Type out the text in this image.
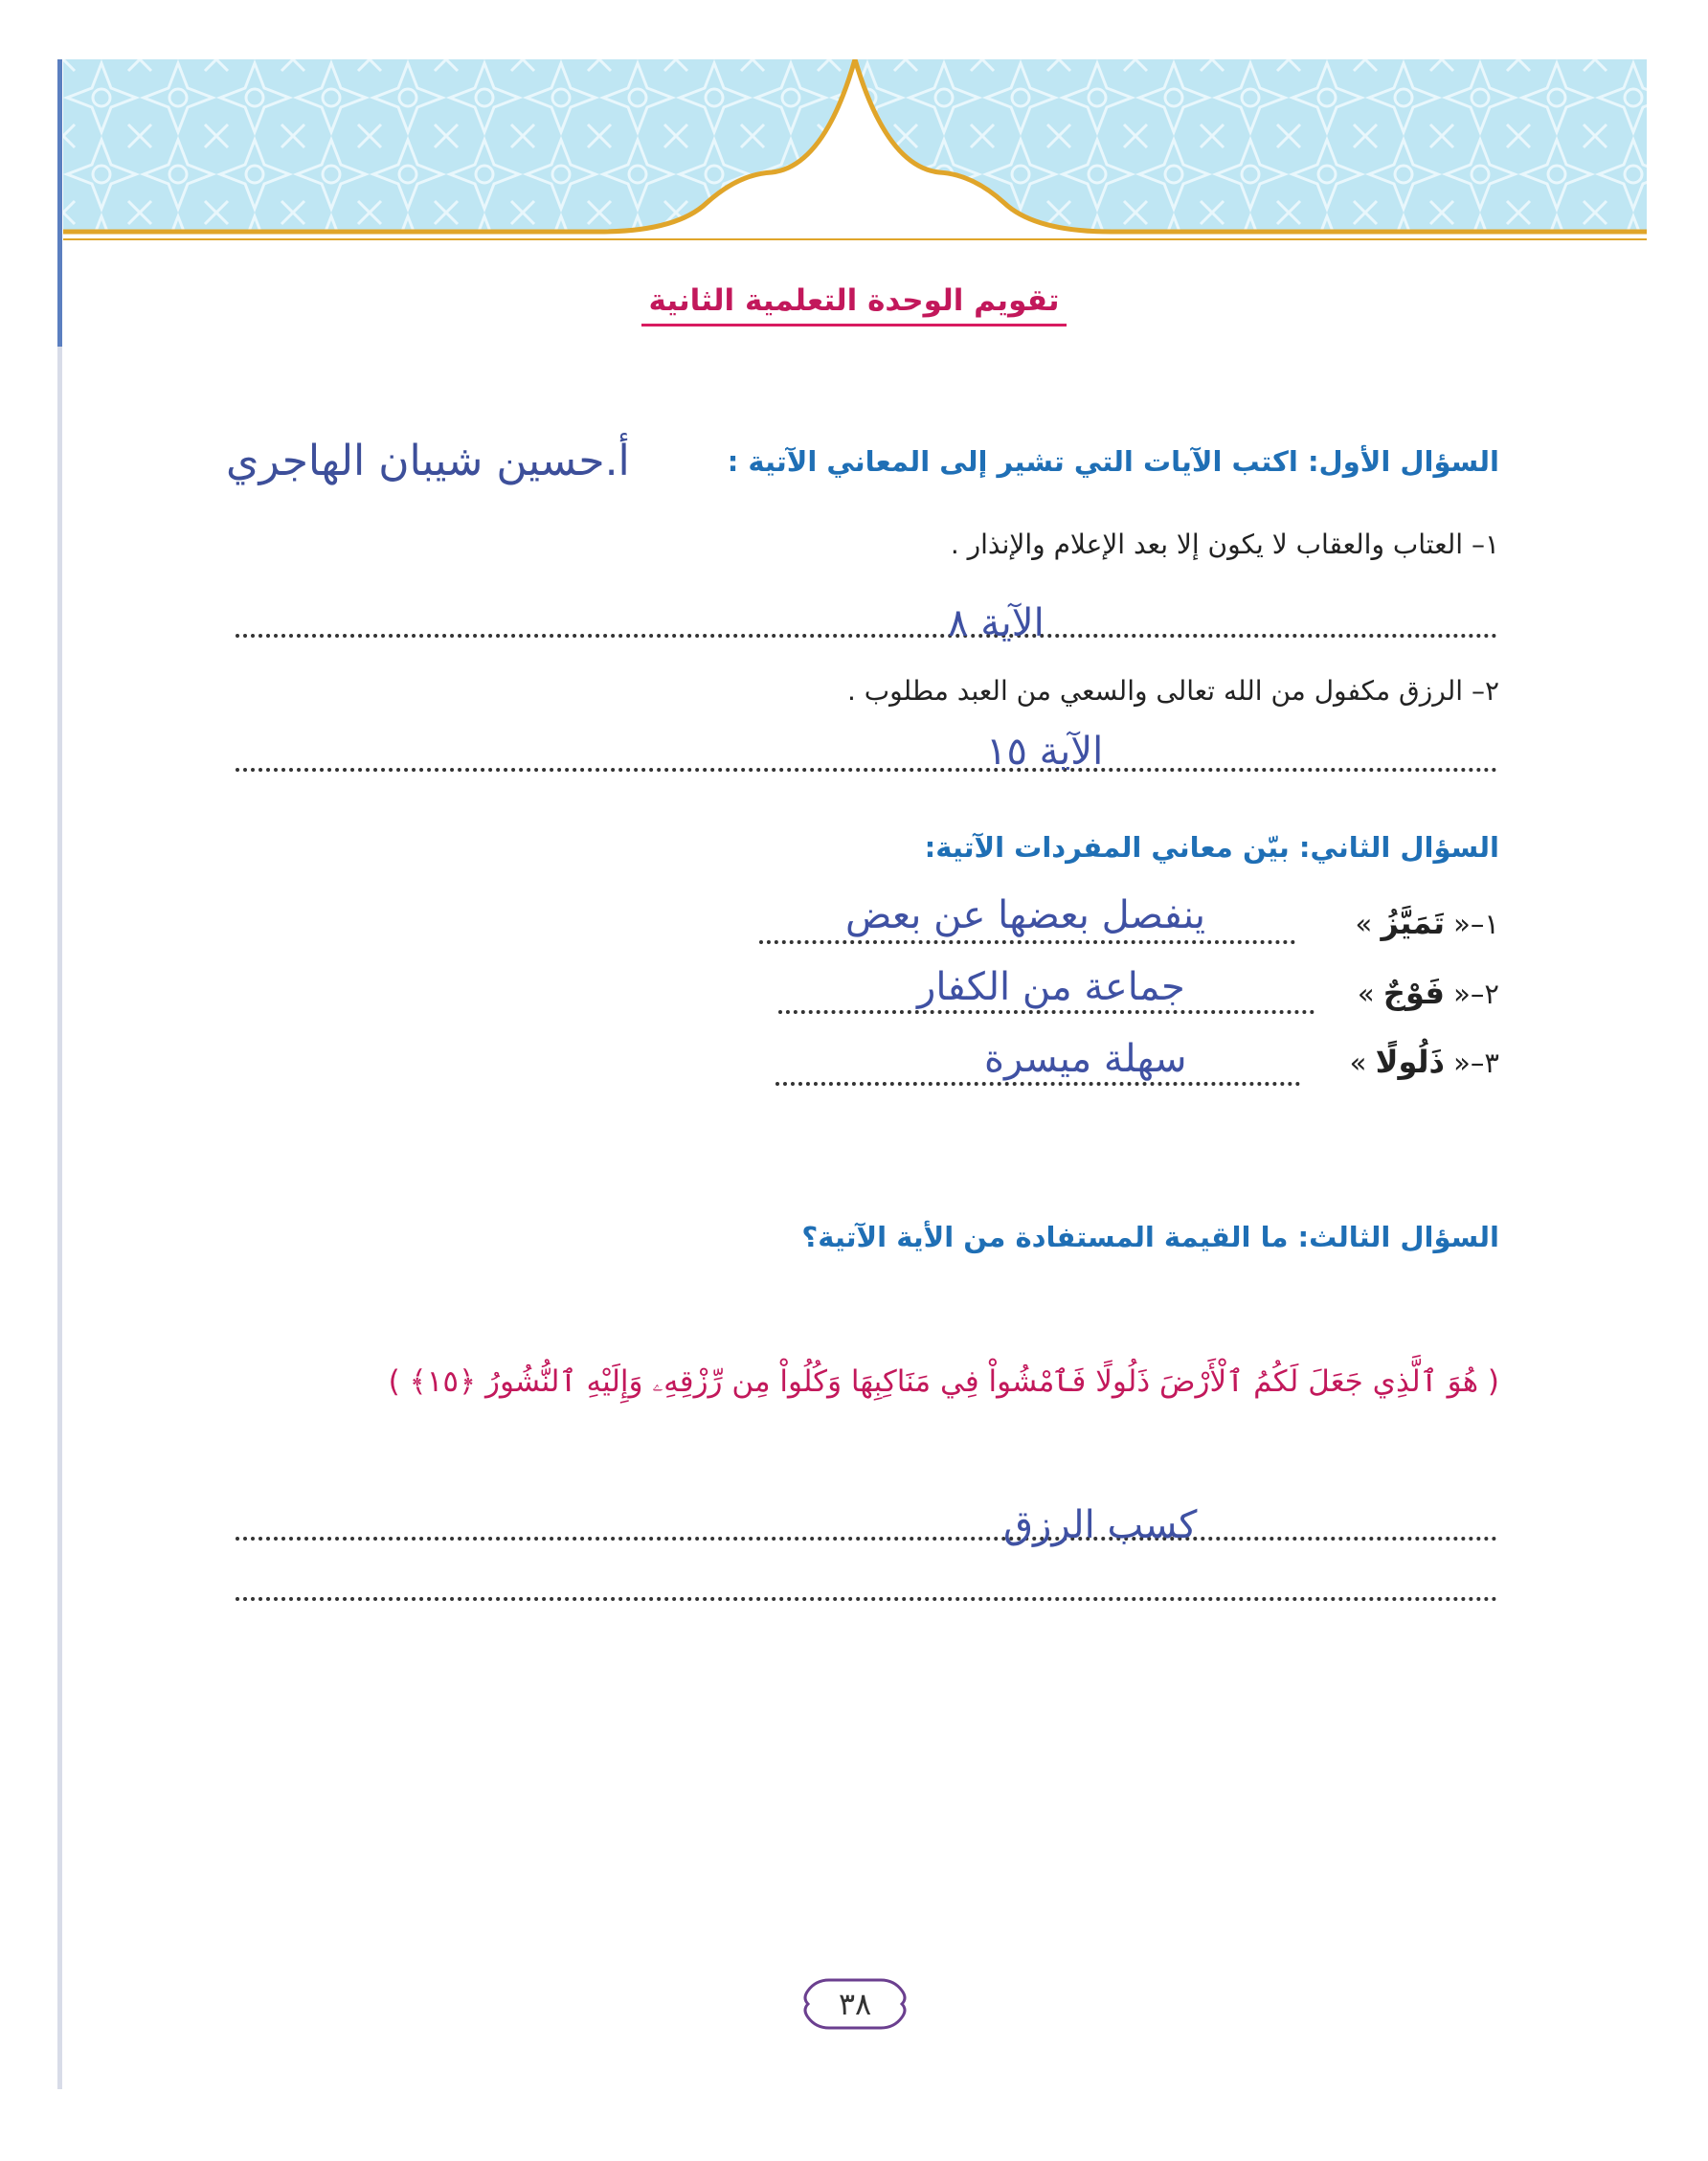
تقويم الوحدة التعلمية الثانية
السؤال الأول: اكتب الآيات التي تشير إلى المعاني الآتية :
أ.حسين شيبان الهاجري
١– العتاب والعقاب لا يكون إلا بعد الإعلام والإنذار .
الآية ٨
٢– الرزق مكفول من الله تعالى والسعي من العبد مطلوب .
الآية ١٥
السؤال الثاني: بيّن معاني المفردات الآتية:
١–« تَمَيَّزُ »
ينفصل بعضها عن بعض
٢–« فَوْجٌ »
جماعة من الكفار
٣–« ذَلُولًا »
سهلة ميسرة
السؤال الثالث: ما القيمة المستفادة من الأية الآتية؟
( هُوَ ٱلَّذِي جَعَلَ لَكُمُ ٱلْأَرْضَ ذَلُولًا فَٱمْشُواْ فِي مَنَاكِبِهَا وَكُلُواْ مِن رِّزْقِهِۦ وَإِلَيْهِ ٱلنُّشُورُ ﴿١٥﴾ )
كسب الرزق
٣٨
